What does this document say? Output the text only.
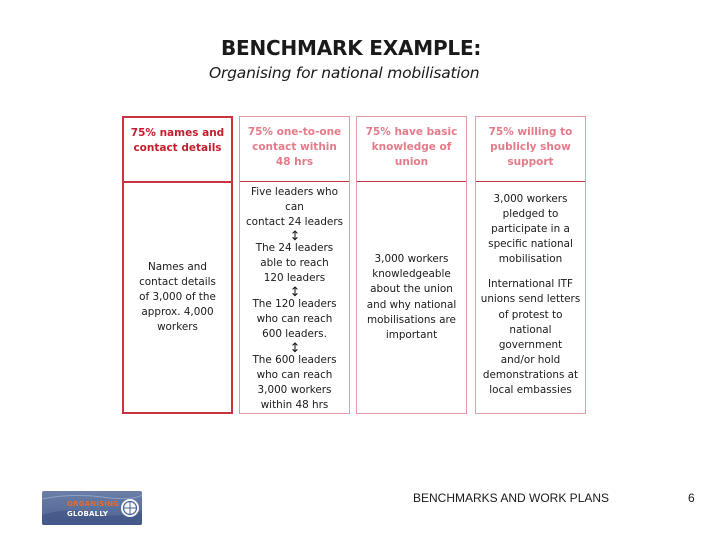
BENCHMARK EXAMPLE:
Organising for national mobilisation
75% names and
contact details
Names and
contact details
of 3,000 of the
approx. 4,000
workers
75% one-to-one
contact within
48 hrs
Five leaders who can
contact 24 leaders
The 24 leaders
able to reach
120 leaders
The 120 leaders
who can reach
600 leaders.
The 600 leaders
who can reach
3,000 workers
within 48 hrs
75% have basic
knowledge of
union
3,000 workers
knowledgeable
about the union
and why national
mobilisations are
important
75% willing to
publicly show
support
3,000 workers
pledged to
participate in a
specific national
mobilisation
International ITF
unions send letters
of protest to
national
government
and/or hold
demonstrations at
local embassies
ORGANISING
GLOBALLY
BENCHMARKS AND WORK PLANS	6
